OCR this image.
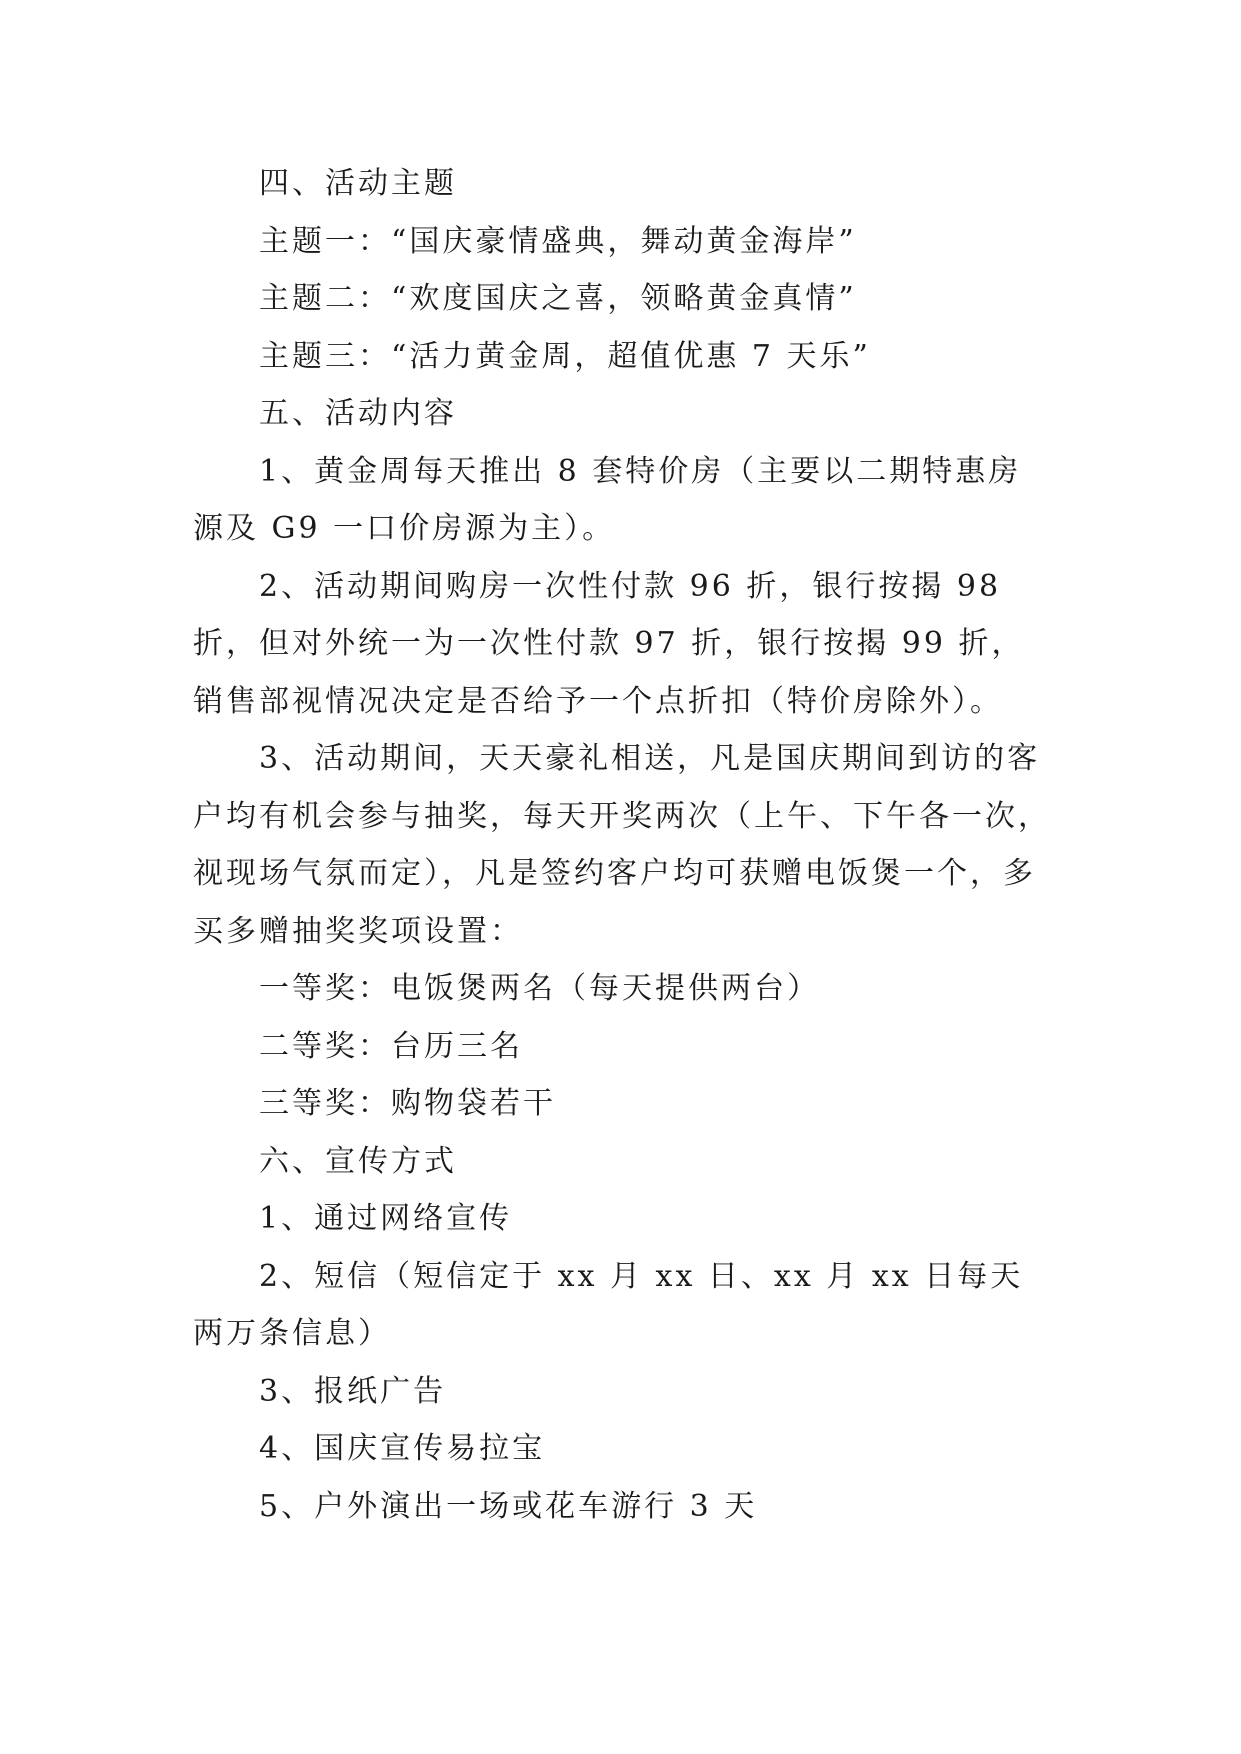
四、活动主题

主题一：“国庆豪情盛典，舞动黄金海岸”

主题二：“欢度国庆之喜，领略黄金真情”

主题三：“活力黄金周，超值优惠 7 天乐”

五、活动内容

1、黄金周每天推出 8 套特价房（主要以二期特惠房源及 G9 一口价房源为主）。

2、活动期间购房一次性付款 96 折，银行按揭 98 折，但对外统一为一次性付款 97 折，银行按揭 99 折，销售部视情况决定是否给予一个点折扣（特价房除外）。

3、活动期间，天天豪礼相送，凡是国庆期间到访的客户均有机会参与抽奖，每天开奖两次（上午、下午各一次，视现场气氛而定），凡是签约客户均可获赠电饭煲一个，多买多赠抽奖奖项设置：

一等奖：电饭煲两名（每天提供两台）

二等奖：台历三名

三等奖：购物袋若干

六、宣传方式

1、通过网络宣传

2、短信（短信定于 xx 月 xx 日、xx 月 xx 日每天两万条信息）

3、报纸广告

4、国庆宣传易拉宝

5、户外演出一场或花车游行 3 天
